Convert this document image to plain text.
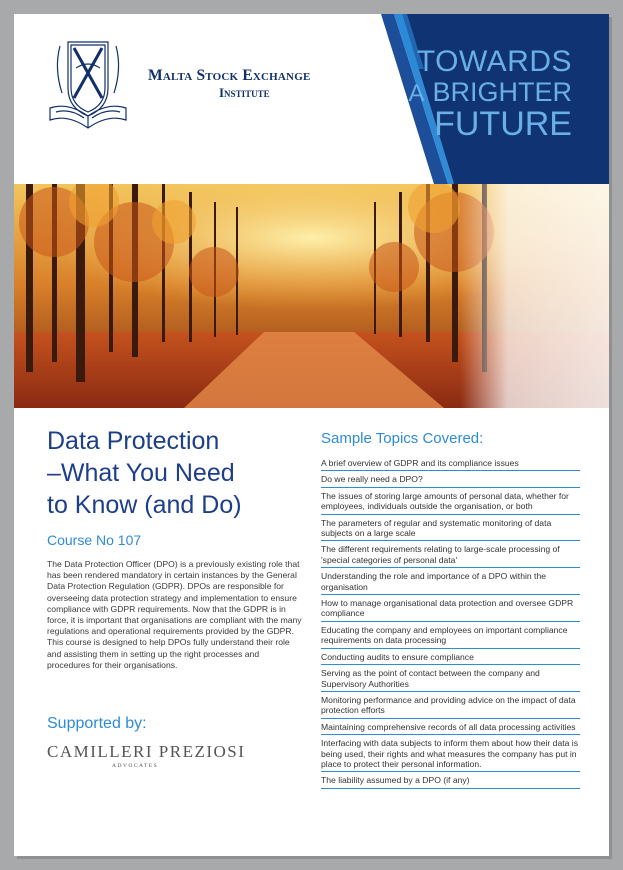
TOWARDS
A BRIGHTER
FUTURE
Malta Stock Exchange
Institute
Data Protection
–What You Need
to Know (and Do)
Course No 107

The Data Protection Officer (DPO) is a previously existing role that has been rendered mandatory in certain instances by the General Data Protection Regulation (GDPR). DPOs are responsible for overseeing data protection strategy and implementation to ensure compliance with GDPR requirements. Now that the GDPR is in force, it is important that organisations are compliant with the many regulations and operational requirements provided by the GDPR. This course is designed to help DPOs fully understand their role and assisting them in setting up the right processes and procedures for their organisations.

Supported by:
CAMILLERI PREZIOSI
ADVOCATES
Sample Topics Covered:
A brief overview of GDPR and its compliance issues
Do we really need a DPO?
The issues of storing large amounts of personal data, whether for employees, individuals outside the organisation, or both
The parameters of regular and systematic monitoring of data subjects on a large scale
The different requirements relating to large-scale processing of 'special categories of personal data'
Understanding the role and importance of a DPO within the organisation
How to manage organisational data protection and oversee GDPR compliance
Educating the company and employees on important compliance requirements on data processing
Conducting audits to ensure compliance
Serving as the point of contact between the company and Supervisory Authorities
Monitoring performance and providing advice on the impact of data protection efforts
Maintaining comprehensive records of all data processing activities
Interfacing with data subjects to inform them about how their data is being used, their rights and what measures the company has put in place to protect their personal information.
The liability assumed by a DPO (if any)
